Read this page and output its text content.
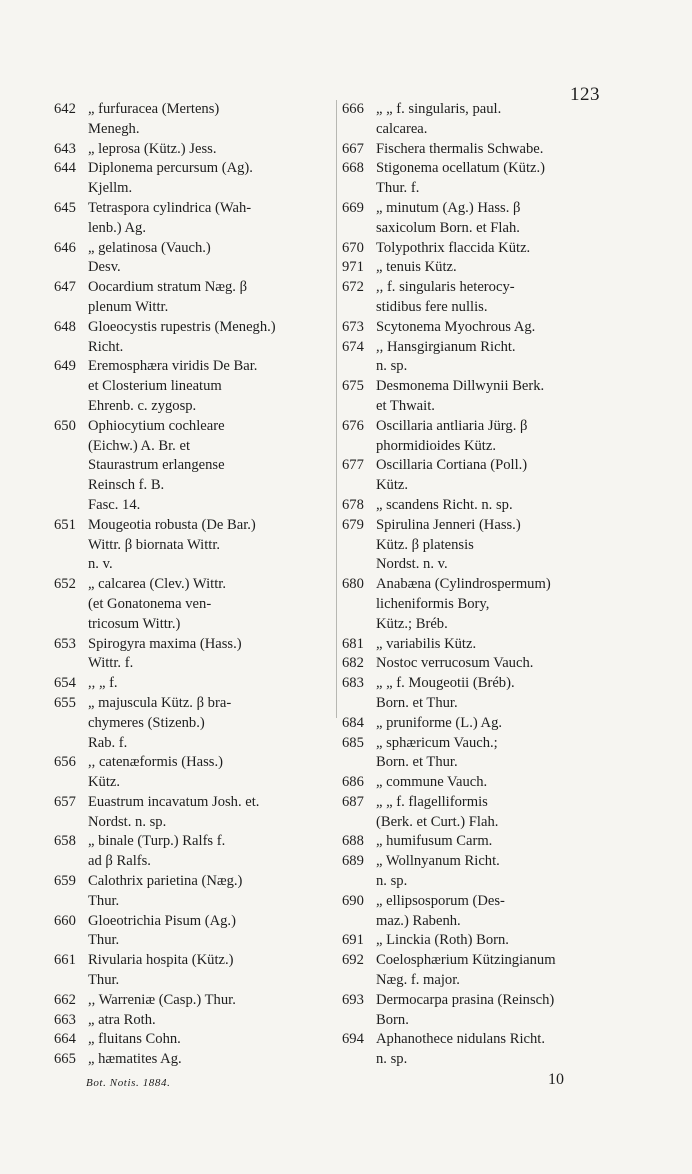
123
642 „ furfuracea (Mertens)
Menegh.
643 „ leprosa (Kütz.) Jess.
644 Diplonema percursum (Ag).
Kjellm.
645 Tetraspora cylindrica (Wah-
lenb.) Ag.
646 „ gelatinosa (Vauch.)
Desv.
647 Oocardium stratum Næg. β
plenum Wittr.
648 Gloeocystis rupestris (Menegh.)
Richt.
649 Eremosphæra viridis De Bar.
et Closterium lineatum
Ehrenb. c. zygosp.
650 Ophiocytium cochleare
(Eichw.) A. Br. et
Staurastrum erlangense
Reinsch f. B.
Fasc. 14.
651 Mougeotia robusta (De Bar.)
Wittr. β biornata Wittr.
n. v.
652 „ calcarea (Clev.) Wittr.
(et Gonatonema ven-
tricosum Wittr.)
653 Spirogyra maxima (Hass.)
Wittr. f.
654 ,, „ f.
655 „ majuscula Kütz. β bra-
chymeres (Stizenb.)
Rab. f.
656 ,, catenæformis (Hass.)
Kütz.
657 Euastrum incavatum Josh. et.
Nordst. n. sp.
658 „ binale (Turp.) Ralfs f.
ad β Ralfs.
659 Calothrix parietina (Næg.)
Thur.
660 Gloeotrichia Pisum (Ag.)
Thur.
661 Rivularia hospita (Kütz.)
Thur.
662 ,, Warreniæ (Casp.) Thur.
663 „ atra Roth.
664 „ fluitans Cohn.
665 „ hæmatites Ag.
666 „ „ f. singularis, paul.
calcarea.
667 Fischera thermalis Schwabe.
668 Stigonema ocellatum (Kütz.)
Thur. f.
669 „ minutum (Ag.) Hass. β
saxicolum Born. et Flah.
670 Tolypothrix flaccida Kütz.
971 „ tenuis Kütz.
672 ,, f. singularis heterocy-
stidibus fere nullis.
673 Scytonema Myochrous Ag.
674 ,, Hansgirgianum Richt.
n. sp.
675 Desmonema Dillwynii Berk.
et Thwait.
676 Oscillaria antliaria Jürg. β
phormidioides Kütz.
677 Oscillaria Cortiana (Poll.)
Kütz.
678 „ scandens Richt. n. sp.
679 Spirulina Jenneri (Hass.)
Kütz. β platensis
Nordst. n. v.
680 Anabæna (Cylindrospermum)
licheniformis Bory,
Kütz.; Bréb.
681 „ variabilis Kütz.
682 Nostoc verrucosum Vauch.
683 „ „ f. Mougeotii (Bréb).
Born. et Thur.
684 „ pruniforme (L.) Ag.
685 „ sphæricum Vauch.;
Born. et Thur.
686 „ commune Vauch.
687 „ „ f. flagelliformis
(Berk. et Curt.) Flah.
688 „ humifusum Carm.
689 „ Wollnyanum Richt.
n. sp.
690 „ ellipsosporum (Des-
maz.) Rabenh.
691 „ Linckia (Roth) Born.
692 Coelosphærium Kützingianum
Næg. f. major.
693 Dermocarpa prasina (Reinsch)
Born.
694 Aphanothece nidulans Richt.
n. sp.
Bot. Notis. 1884.	10
